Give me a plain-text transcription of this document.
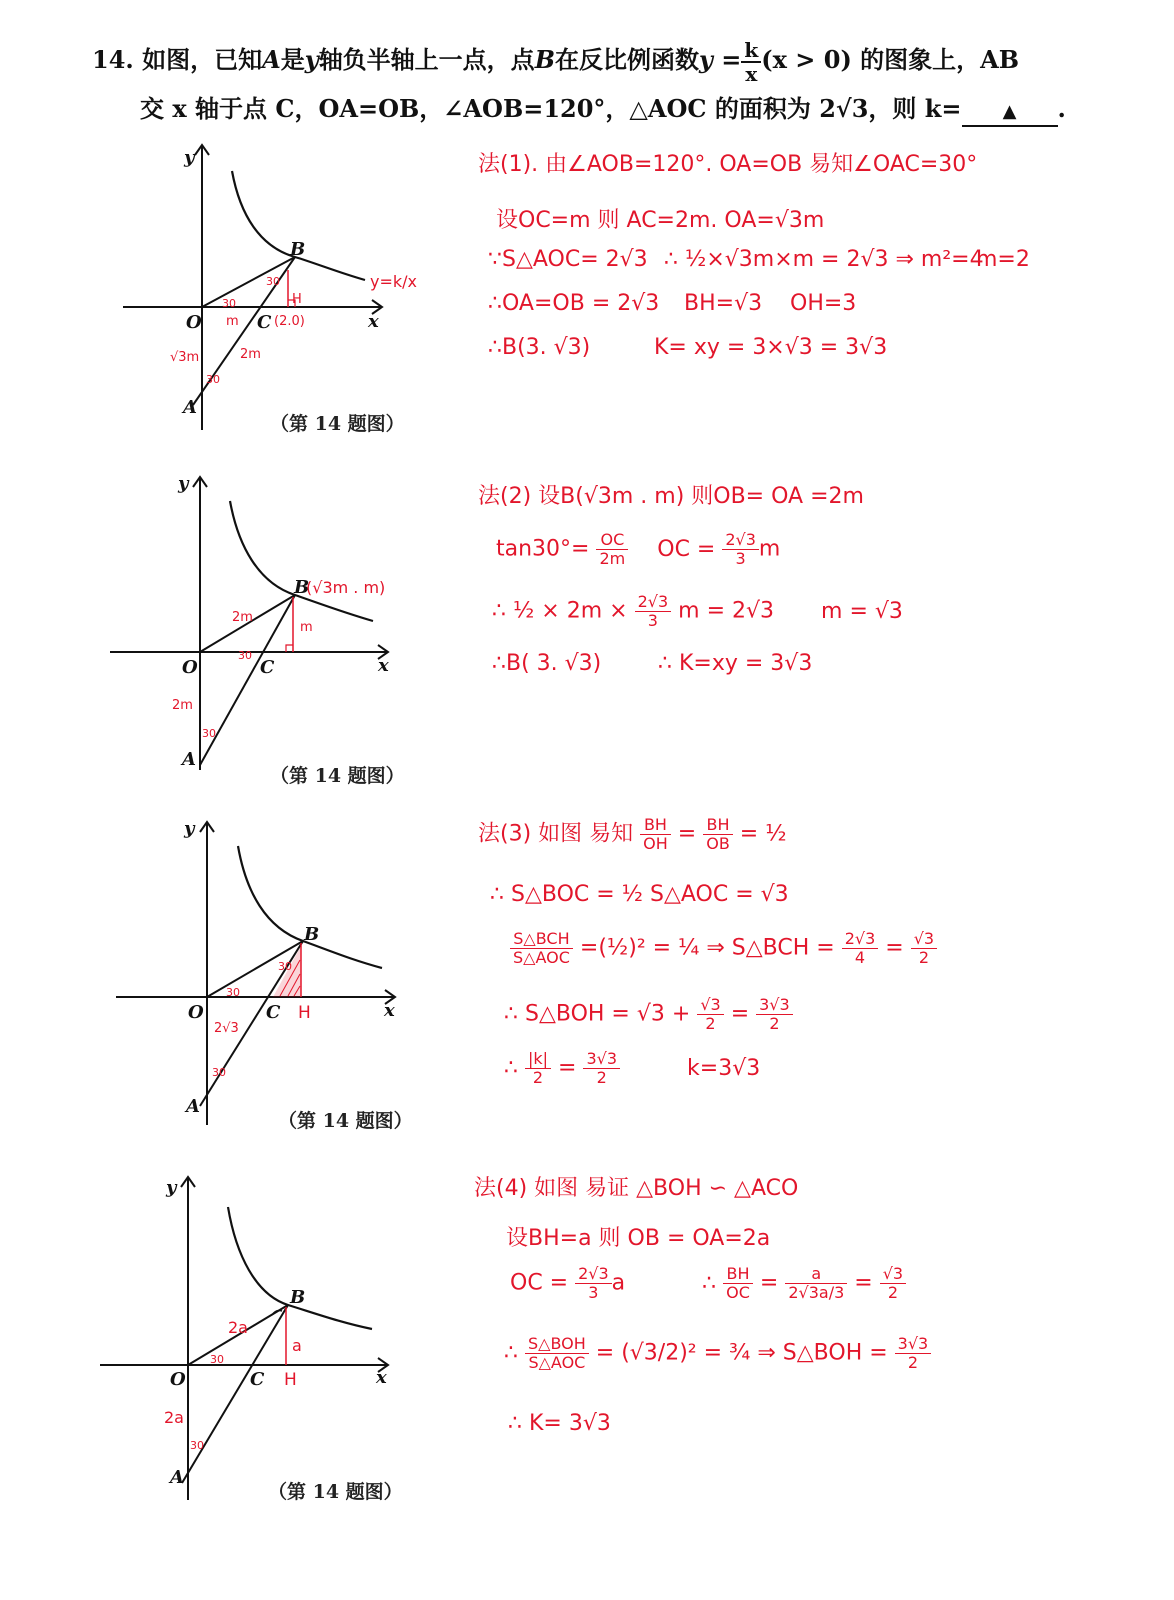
14. 如图，已知A是y轴负半轴上一点，点B在反比例函数$y = \frac{k}{x} (x > 0)$ 的图象上，AB
交 x 轴于点 C，OA=OB，∠AOB=120°，△AOC 的面积为 2√3，则 k= ▲ .
y
x
O
A
B
C
y=k/x
H
(2.0)
m
2m
√3m
30
30
30
（第 14 题图）
法(1). 由∠AOB=120°. OA=OB 易知∠OAC=30°
设OC=m 则 AC=2m. OA=√3m
∵S△AOC= 2√3 ∴ ½×√3m×m = 2√3 ⇒ m²=4
m=2
∴OA=OB = 2√3 BH=√3 OH=3
∴B(3. √3)	K= xy = 3×√3 = 3√3
y
x
O
A
B
C
(√3m . m)
2m
m
2m
30
30
（第 14 题图）
法(2) 设B(√3m . m) 则OB= OA =2m
$\tan 30^\circ= \frac{OC}{2m}$ OC = $\frac{2√3}{3}$ m
∴ ½ × $2m \times \frac{2√3}{3}$ m = 2√3 m = √3
∴B( 3. √3)	∴ K=xy = 3√3
y
x
O
A
B
C H
2√3
30
30
30
（第 14 题图）
法(3) 如图 易知 $\frac{BH}{OH} = \frac{BH}{OB}$ = ½
∴ S△BOC = ½ S△AOC = √3
$\frac{\text{S△BCH}}{\text{S△AOC}}$ =(½)² = ¼ ⇒ S△BCH = $\frac{2√3}{4} = \frac{√3}{2}$
∴ S△BOH = $√3 + \frac{√3}{2} = \frac{3√3}{2}$
∴ $\frac{|k|}{2} = \frac{3√3}{2}$	k=3√3
y
x
O
A
B
C H
2a
a
2a
30
30
（第 14 题图）
法(4) 如图 易证 △BOH ∽ △ACO
设BH=a 则 OB = OA=2a
OC = $\frac{2√3}{3}$ a	∴ $\frac{BH}{OC} = \frac{a}{2√3a/3} = \frac{√3}{2}$
∴ $\frac{\text{S△BOH}}{\text{S△AOC}} = (√3/2)^2$ = ¾ ⇒ S△BOH = $\frac{3√3}{2}$
∴ K= 3√3
